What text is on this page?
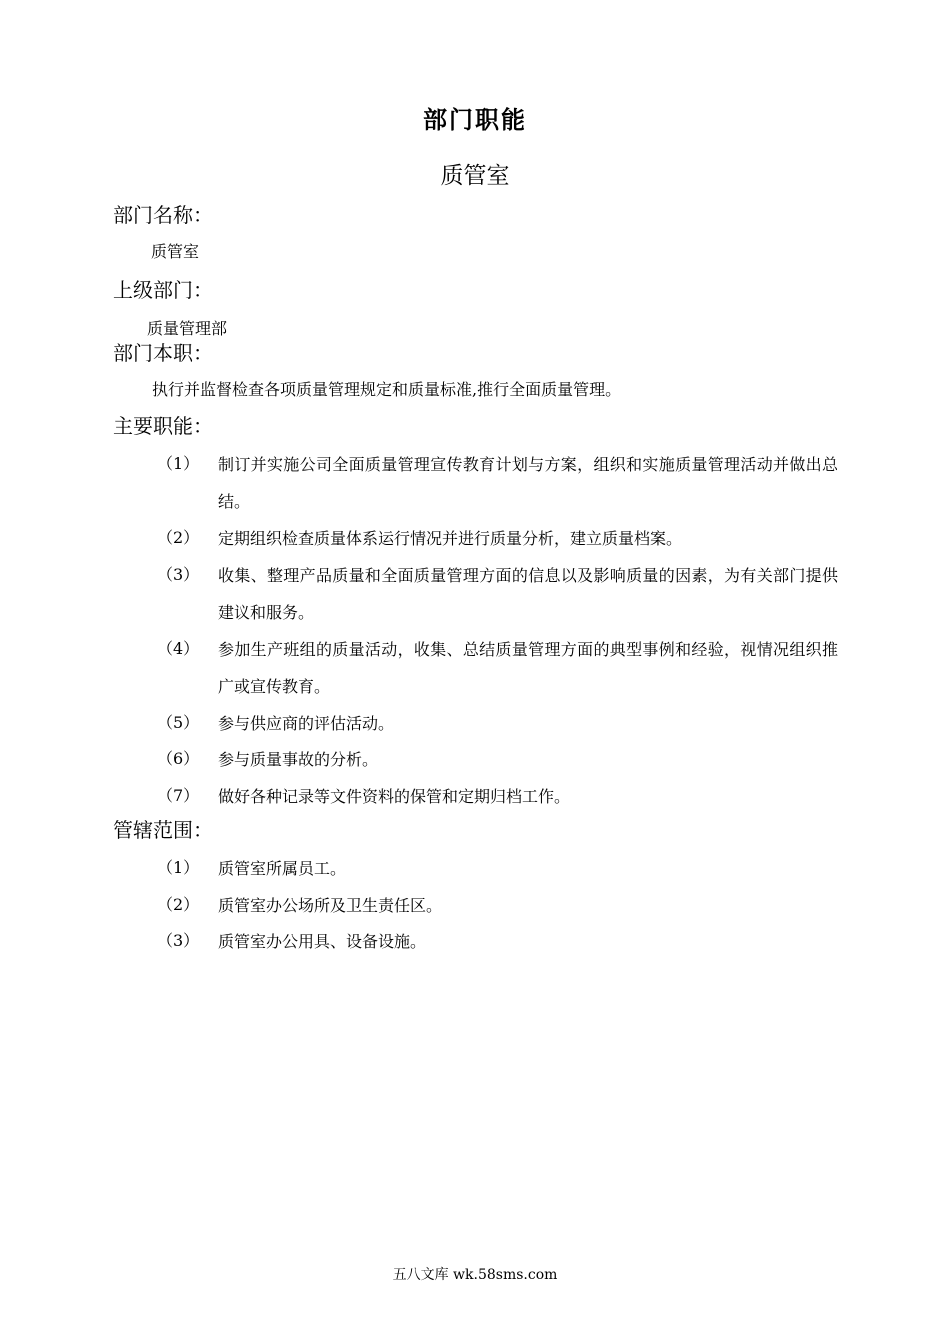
部门职能
质管室
部门名称：
质管室
上级部门：
质量管理部
部门本职：
执行并监督检查各项质量管理规定和质量标准,推行全面质量管理。
主要职能：
（1） 制订并实施公司全面质量管理宣传教育计划与方案，组织和实施质量管理活动并做出总结。
（2） 定期组织检查质量体系运行情况并进行质量分析，建立质量档案。
（3） 收集、整理产品质量和全面质量管理方面的信息以及影响质量的因素，为有关部门提供建议和服务。
（4） 参加生产班组的质量活动，收集、总结质量管理方面的典型事例和经验，视情况组织推广或宣传教育。
（5） 参与供应商的评估活动。
（6） 参与质量事故的分析。
（7） 做好各种记录等文件资料的保管和定期归档工作。
管辖范围：
（1） 质管室所属员工。
（2） 质管室办公场所及卫生责任区。
（3） 质管室办公用具、设备设施。
五八文库 wk.58sms.com
